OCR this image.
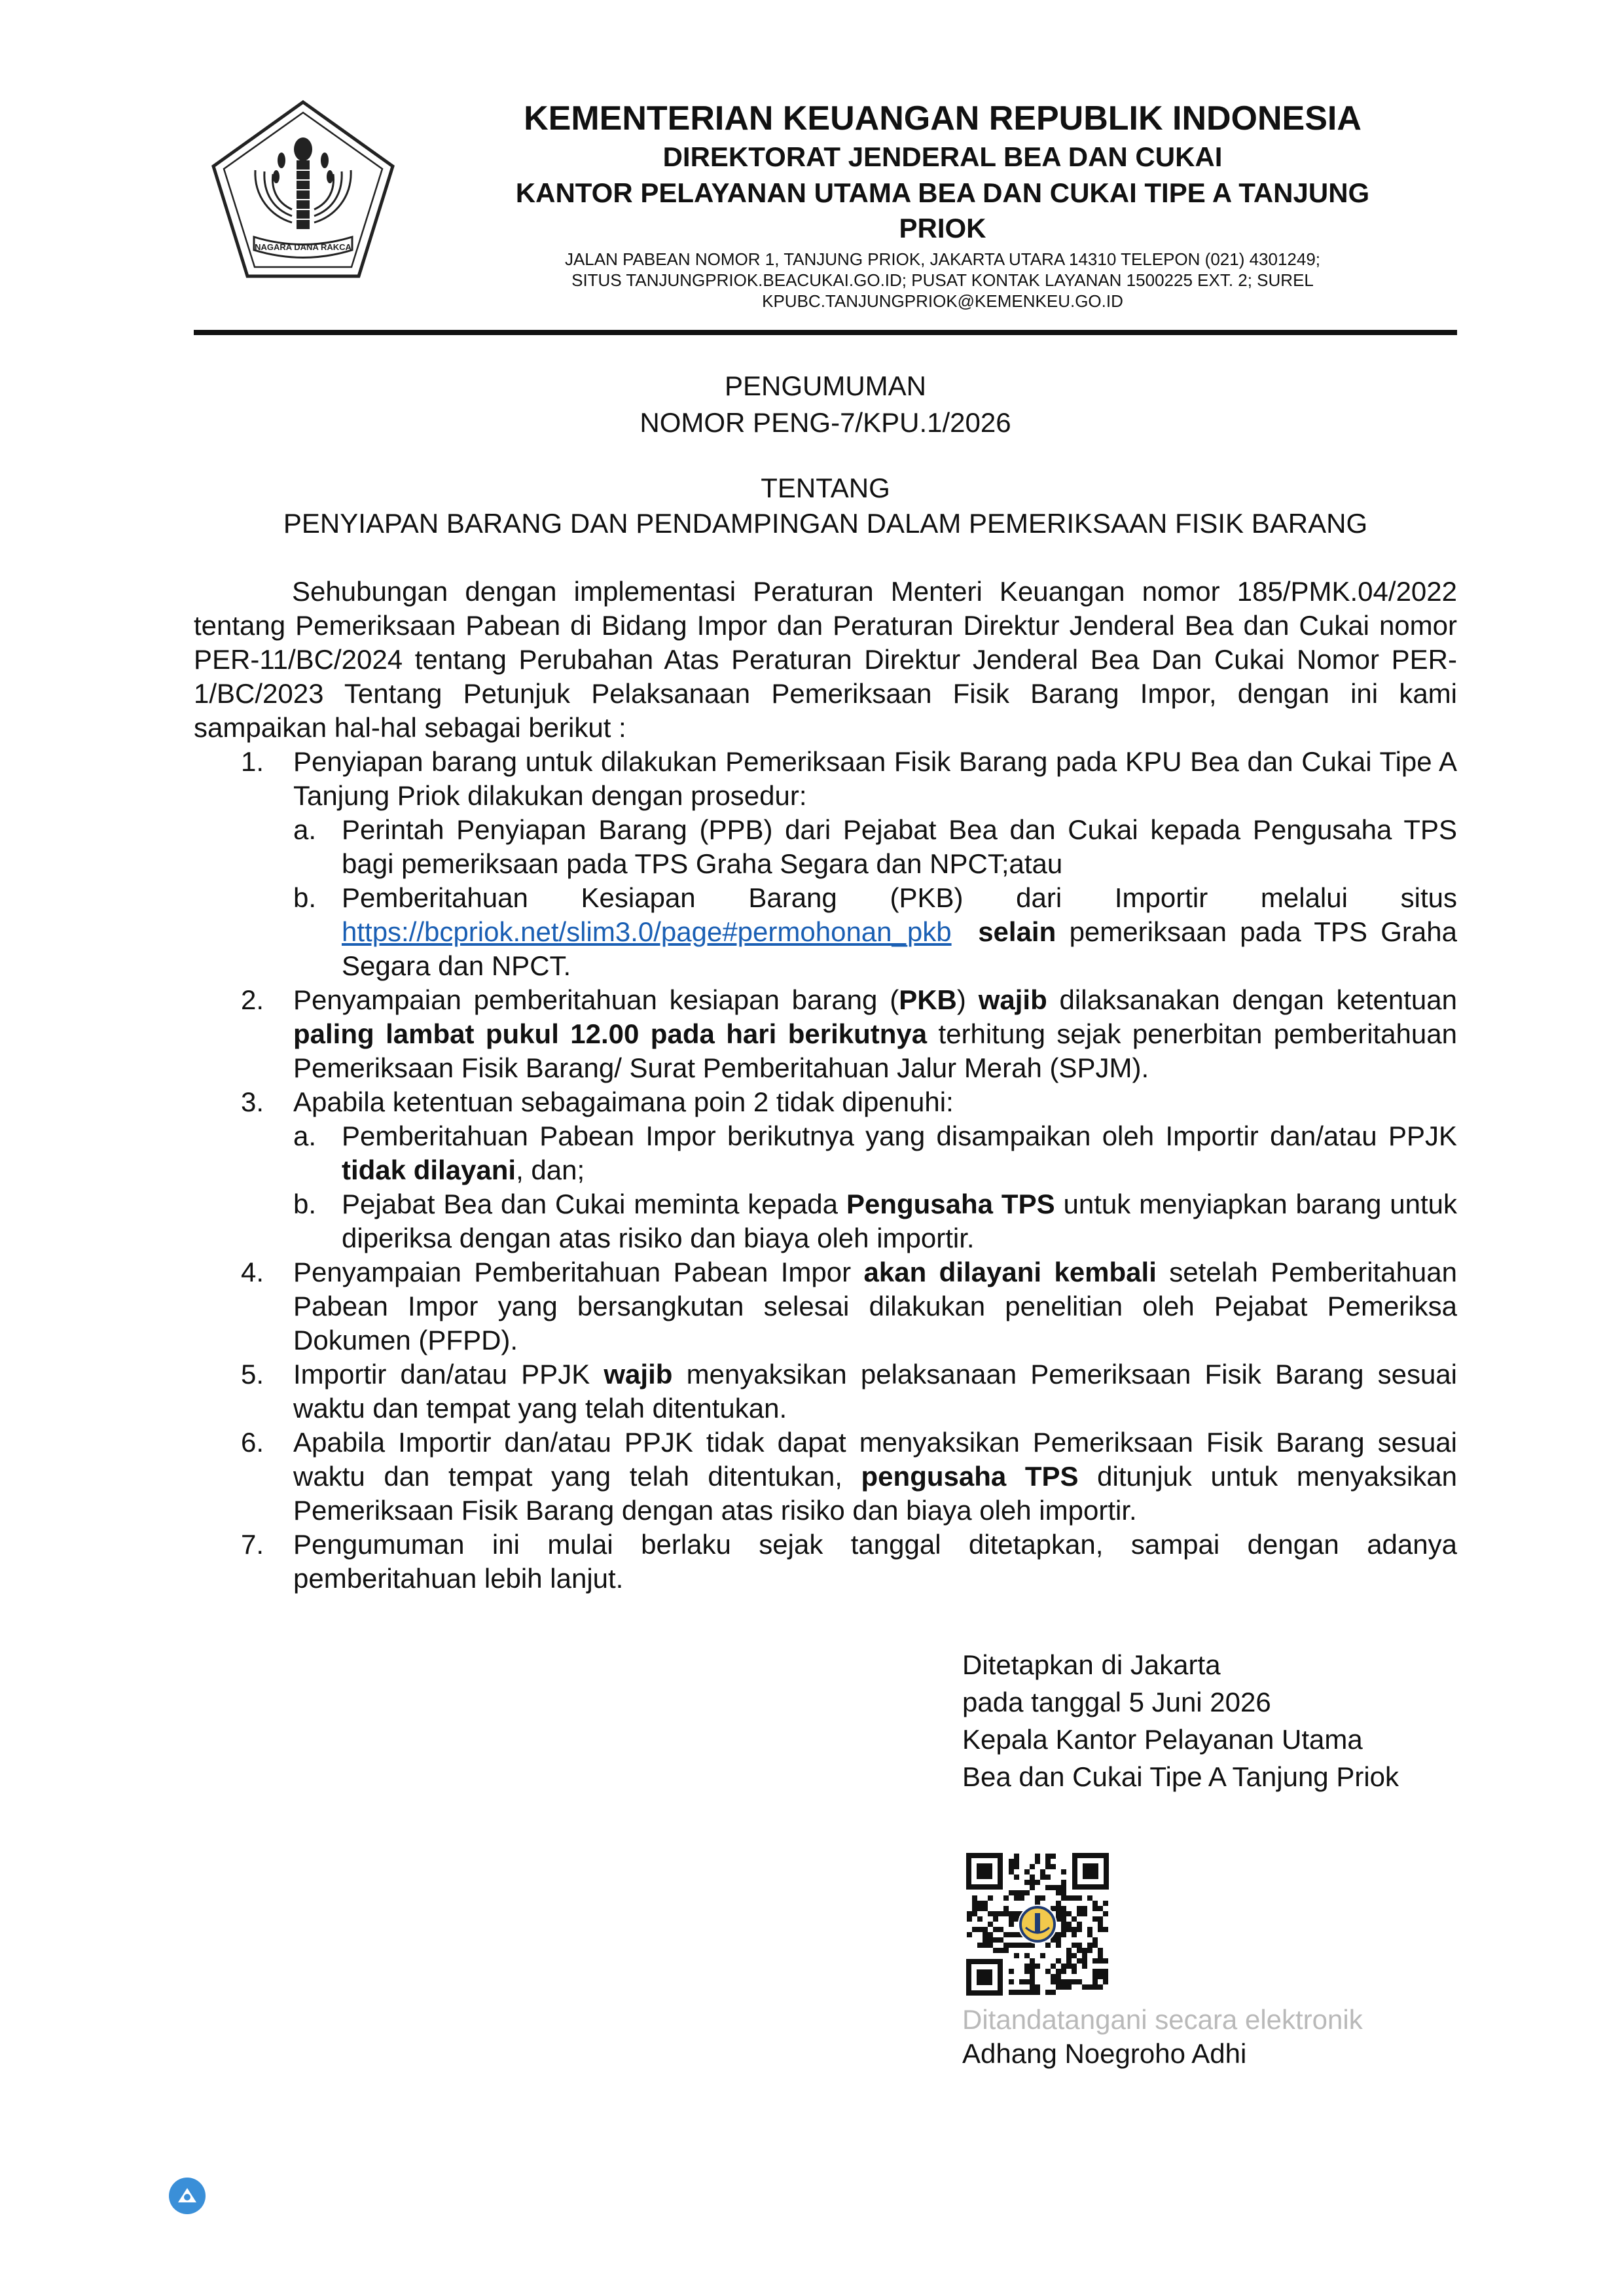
NAGARA DANA RAKCA
KEMENTERIAN KEUANGAN REPUBLIK INDONESIA
DIREKTORAT JENDERAL BEA DAN CUKAI
KANTOR PELAYANAN UTAMA BEA DAN CUKAI TIPE A TANJUNG
PRIOK
JALAN PABEAN NOMOR 1, TANJUNG PRIOK, JAKARTA UTARA 14310 TELEPON (021) 4301249;
SITUS TANJUNGPRIOK.BEACUKAI.GO.ID; PUSAT KONTAK LAYANAN 1500225 EXT. 2; SUREL
KPUBC.TANJUNGPRIOK@KEMENKEU.GO.ID
PENGUMUMAN
NOMOR PENG-7/KPU.1/2026
TENTANG
PENYIAPAN BARANG DAN PENDAMPINGAN DALAM PEMERIKSAAN FISIK BARANG

Sehubungan dengan implementasi Peraturan Menteri Keuangan nomor 185/PMK.04/2022 tentang Pemeriksaan Pabean di Bidang Impor dan Peraturan Direktur Jenderal Bea dan Cukai nomor PER-11/BC/2024 tentang Perubahan Atas Peraturan Direktur Jenderal Bea Dan Cukai Nomor PER-1/BC/2023 Tentang Petunjuk Pelaksanaan Pemeriksaan Fisik Barang Impor, dengan ini kami sampaikan hal-hal sebagai berikut :

1. Penyiapan barang untuk dilakukan Pemeriksaan Fisik Barang pada KPU Bea dan Cukai Tipe A Tanjung Priok dilakukan dengan prosedur:
a. Perintah Penyiapan Barang (PPB) dari Pejabat Bea dan Cukai kepada Pengusaha TPS bagi pemeriksaan pada TPS Graha Segara dan NPCT;atau
b. Pemberitahuan Kesiapan Barang (PKB) dari Importir melalui situs
https://bcpriok.net/slim3.0/page#permohonan_pkb selain pemeriksaan pada TPS Graha Segara dan NPCT.
2. Penyampaian pemberitahuan kesiapan barang (PKB) wajib dilaksanakan dengan ketentuan paling lambat pukul 12.00 pada hari berikutnya terhitung sejak penerbitan pemberitahuan Pemeriksaan Fisik Barang/ Surat Pemberitahuan Jalur Merah (SPJM).
3. Apabila ketentuan sebagaimana poin 2 tidak dipenuhi:
a. Pemberitahuan Pabean Impor berikutnya yang disampaikan oleh Importir dan/atau PPJK tidak dilayani, dan;
b. Pejabat Bea dan Cukai meminta kepada Pengusaha TPS untuk menyiapkan barang untuk diperiksa dengan atas risiko dan biaya oleh importir.
4. Penyampaian Pemberitahuan Pabean Impor akan dilayani kembali setelah Pemberitahuan Pabean Impor yang bersangkutan selesai dilakukan penelitian oleh Pejabat Pemeriksa Dokumen (PFPD).
5. Importir dan/atau PPJK wajib menyaksikan pelaksanaan Pemeriksaan Fisik Barang sesuai waktu dan tempat yang telah ditentukan.
6. Apabila Importir dan/atau PPJK tidak dapat menyaksikan Pemeriksaan Fisik Barang sesuai waktu dan tempat yang telah ditentukan, pengusaha TPS ditunjuk untuk menyaksikan Pemeriksaan Fisik Barang dengan atas risiko dan biaya oleh importir.
7. Pengumuman ini mulai berlaku sejak tanggal ditetapkan, sampai dengan adanya pemberitahuan lebih lanjut.
Ditetapkan di Jakarta
pada tanggal 5 Juni 2026
Kepala Kantor Pelayanan Utama
Bea dan Cukai Tipe A Tanjung Priok
Ditandatangani secara elektronik
Adhang Noegroho Adhi
